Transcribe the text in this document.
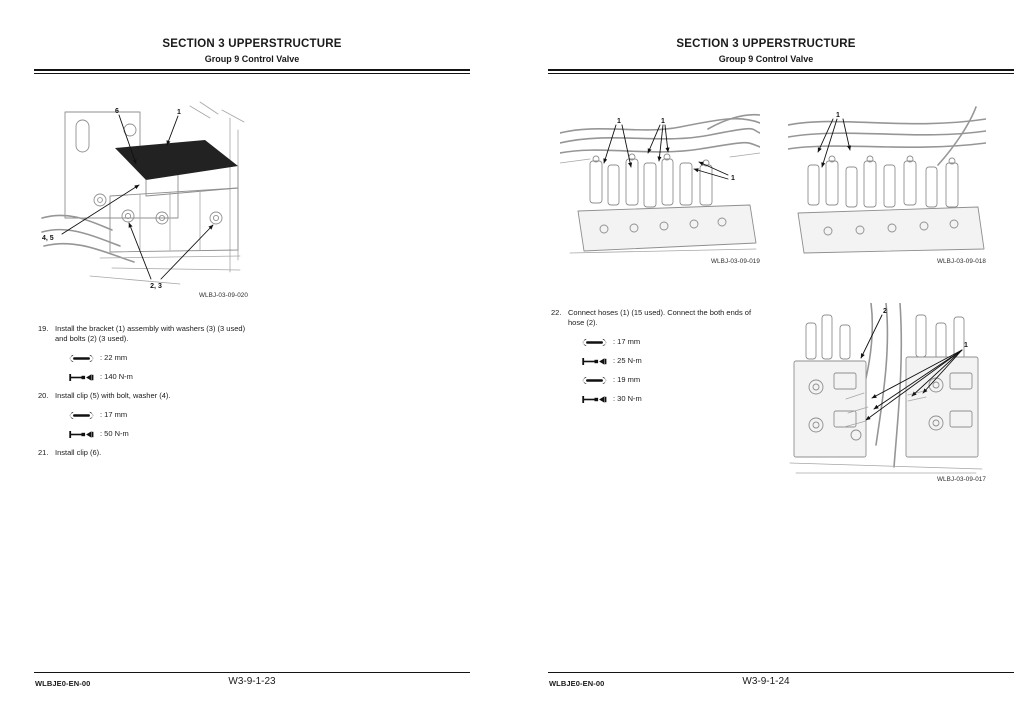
SECTION 3 UPPERSTRUCTURE
Group 9 Control Valve
6	1
4, 5
2, 3
WLBJ-03-09-020
19. Install the bracket (1) assembly with washers (3) (3 used) and bolts (2) (3 used).
: 22 mm
: 140 N-m
20. Install clip (5) with bolt, washer (4).
: 17 mm
: 50 N-m
21. Install clip (6).
WLBJE0-EN-00	W3-9-1-23
SECTION 3 UPPERSTRUCTURE
Group 9 Control Valve
1	1
1
WLBJ-03-09-019
1
WLBJ-03-09-018
22. Connect hoses (1) (15 used). Connect the both ends of hose (2).
: 17 mm
: 25 N-m
: 19 mm
: 30 N-m
2
1
WLBJ-03-09-017
WLBJE0-EN-00	W3-9-1-24
